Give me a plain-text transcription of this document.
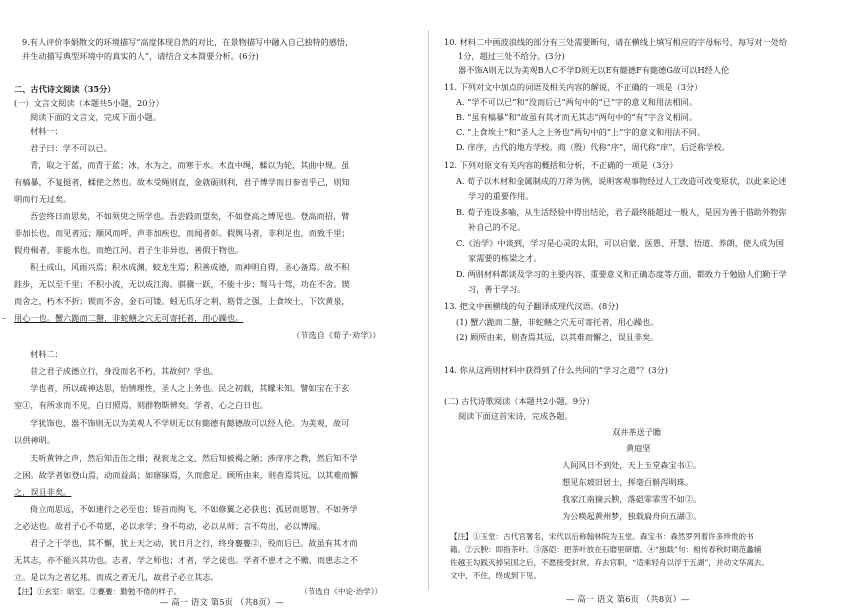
9.有人评价李娟散文的环境描写“高度体现自然的对比，在景物描写中融入自己独特的感悟，
并生动描写典型环境中的真实的人”，请结合文本简要分析。(6分)
二、古代诗文阅读（35分）
(一）文言文阅读（本题共5小题，20分）
阅读下面的文言文，完成下面小题。
材料一：
君子曰：学不可以已。
青，取之于蓝，而青于蓝；冰，水为之，而寒于水。木直中绳，輮以为轮，其曲中规。虽
有槁暴，不复挺者，輮使之然也。故木受绳则直，金就砺则利，君子博学而日参省乎己，则知
明而行无过矣。
吾尝终日而思矣，不如须臾之所学也。吾尝跂而望矣，不如登高之博见也。登高而招，臂
非加长也，而见者远；顺风而呼，声非加疾也，而闻者彰。假舆马者，非利足也，而致千里；
假舟楫者，非能水也，而绝江河。君子生非异也，善假于物也。
积土成山，风雨兴焉；积水成渊，蛟龙生焉；积善成德，而神明自得，圣心备焉。故不积
跬步，无以至千里；不积小流，无以成江海。骐骥一跃，不能十步；驽马十驾，功在不舍。锲
而舍之，朽木不折；锲而不舍，金石可镂。蚓无爪牙之利，筋骨之强，上食埃土，下饮黄泉，
用心一也。蟹六跪而二螯，非蛇鳝之穴无可寄托者，用心躁也。
（节选自《荀子·劝学》）
材料二：
昔之君子成德立行，身没而名不朽，其故何？学也。
学也者，所以疏神达思，怡情理性，圣人之上务也。民之初载，其矇未知。譬如宝在于玄
室①，有所求而不见，白日照焉，则群物斯辨矣。学者，心之白日也。
学犹饰也，器不饰则无以为美观人不学则无以有懿德有懿德故可以经人伦。为美观，故可
以供神明。
夫听黄钟之声，然后知击缶之细；视衮龙之文，然后知被褐之陋；涉庠序之教，然后知不学
之困。故学者如登山焉，动而益高；如寤寐焉，久而愈足。顾所由来，则杳焉其远，以其难而懈
之，误且非矣。
倚立而思远，不如速行之必至也；矫首而徇飞，不如修翼之必获也；孤居而愿智，不如务学
之必达也。故君子心不苟愿，必以求学；身不苟动，必以从师；言不苟出，必以博闻。
君子之于学也，其不懈，犹上天之动，犹日月之行，终身亹亹②，殁而后已。故虽有其才而
无其志，亦不能兴其功也。志者，学之师也；才者，学之徒也。学者不患才之不赡，而患志之不
立。是以为之者亿兆，而成之者无几，故君子必立其志。
【注】①玄室：暗室。②亹亹：勤勉不倦的样子。	（节选自《中论·治学》）
— 高一 语文 第5页 （共8页）—
–
10. 材料二中画波浪线的部分有三处需要断句，请在横线上填写相应的字母标号，每写对一处给
1分，超过三处不给分。(3分)
器不饰A则无以为美观B人C不学D则无以E有懿德F有懿德G故可以H经人伦
11. 下列对文中加点的词语及相关内容的解说，不正确的一项是（3分）
A. “学不可以已”和“没而后已”两句中的“已”字的意义和用法相同。
B. “虽有槁暴”和“故虽有其才而无其志”两句中的“有”字含义相同。
C. “上食埃土”和“圣人之上务也”两句中的“上”字的意义和用法不同。
D. 庠序，古代的地方学校。商（殷）代称“序”，周代称“庠”，后泛称学校。
12. 下列对原文有关内容的概括和分析，不正确的一项是（3分）
A. 荀子以木材和金属制成的刀斧为例，说明客观事物经过人工改造可改变原状，以此来论述
学习的重要作用。
B. 荀子连设多喻，从生活经验中得出结论，君子最终能超过一般人，是因为善于借助外物弥
补自己的不足。
C.《治学》中谈到，学习是心灵的太阳，可以启蒙、医愚、开慧、悟道、养朗，使人成为国
家需要的栋梁之才。
D. 两则材料都谈及学习的主要内容、重要意义和正确态度等方面，都致力于勉励人们勤于学
习，善于学习。
13. 把文中画横线的句子翻译成现代汉语。(8分)
(1) 蟹六跪而二螯，非蛇鳝之穴无可寄托者，用心躁也。
(2) 顾所由来，则杳焉其远，以其难而懈之，误且非矣。
14. 你从这两则材料中获得到了什么共同的“学习之道”？(3分)
(二) 古代诗歌阅读（本题共2小题，9分）
阅读下面这首宋诗，完成各题。
双井茶送子瞻
黄庭坚
人间风日不到处，天上玉堂森宝书①。
想见东坡旧居士，挥毫百斛泻明珠。
我家江南摘云腴，落硙霏霏雪不如②。
为公唤起黄州梦，独载扁舟向五湖③。
【注】①玉堂：古代官署名，宋代以后称翰林院为玉堂。森宝书：森然罗列着许多珍贵的书
籍。②云腴：即指茶叶。③落硙：把茶叶放在石磨里研磨。④“独载”句：相传春秋时期范蠡辅
佐越王勾践灭掉吴国之后，不愿接受封赏，弃去官职，“适乘轻舟以浮于五湖”，并动文华离去。
文中，不住，终成到下见。
— 高一 语文 第6页 （共8页）—
